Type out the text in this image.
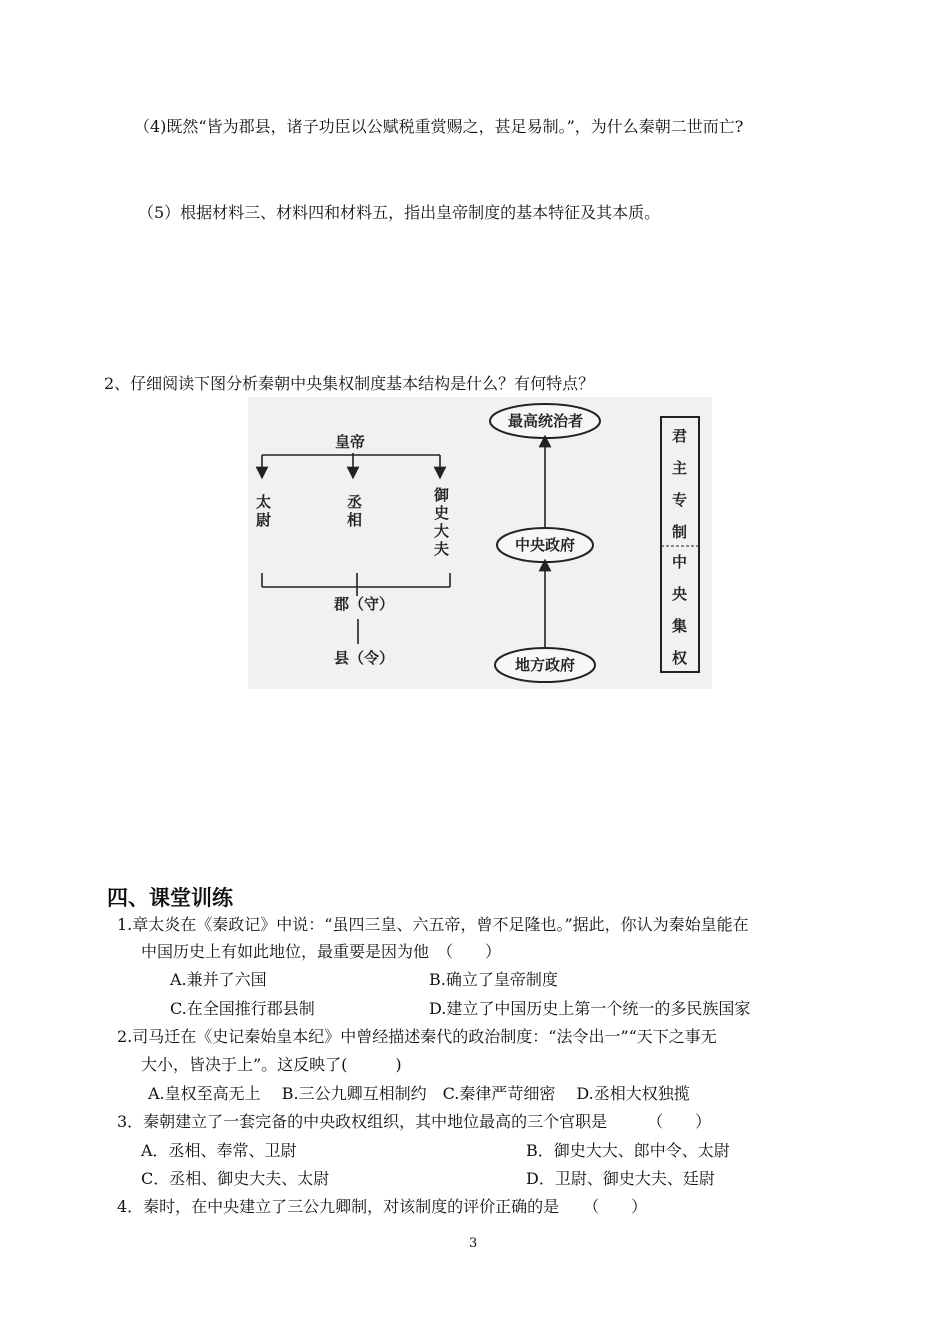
（4)既然“皆为郡县，诸子功臣以公赋税重赏赐之，甚足易制。”，为什么秦朝二世而亡?
（5）根据材料三、材料四和材料五，指出皇帝制度的基本特征及其本质。
2、仔细阅读下图分析秦朝中央集权制度基本结构是什么？有何特点？
皇帝
太
尉
丞
相
御
史
大
夫
郡（守）
县（令）
最高统治者
中央政府
地方政府
君
主
专
制
中
央
集
权
四、课堂训练
1.章太炎在《秦政记》中说：“虽四三皇、六五帝，曾不足隆也。”据此，你认为秦始皇能在
中国历史上有如此地位，最重要是因为他　（　　）
A.兼并了六国	B.确立了皇帝制度
C.在全国推行郡县制	D.建立了中国历史上第一个统一的多民族国家
2.司马迁在《史记秦始皇本纪》中曾经描述秦代的政治制度：“法令出一”“天下之事无
大小，皆决于上”。这反映了(　　　)
A.皇权至高无上　 B.三公九卿互相制约　C.秦律严苛细密　 D.丞相大权独揽
3．秦朝建立了一套完备的中央政权组织，其中地位最高的三个官职是　　　（　　）
A．丞相、奉常、卫尉	B．御史大大、郎中令、太尉
C．丞相、御史大夫、太尉	D．卫尉、御史大夫、廷尉
4．秦时，在中央建立了三公九卿制，对该制度的评价正确的是　　（　　）
3
